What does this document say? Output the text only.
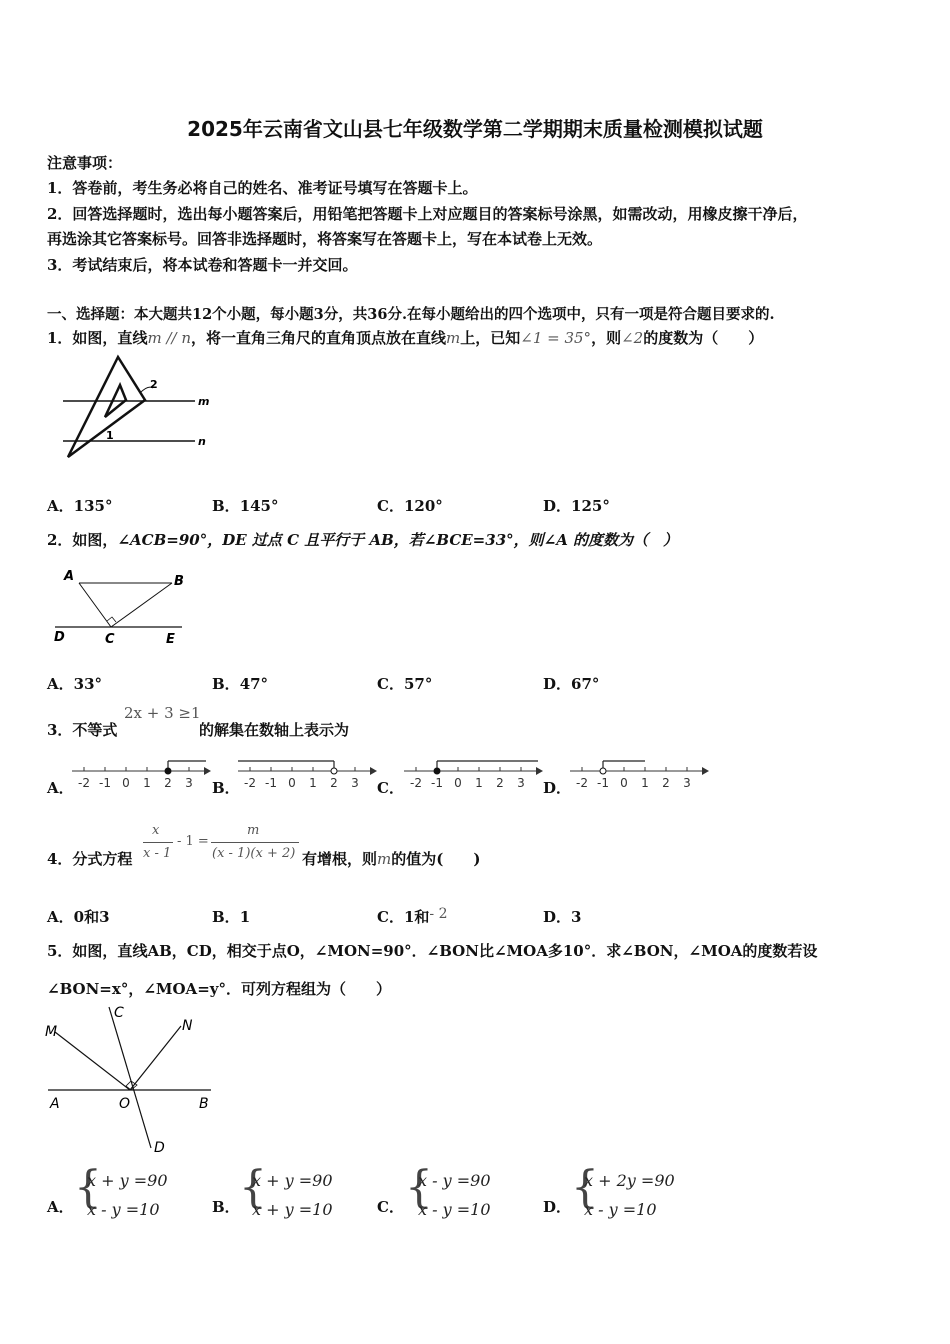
2025年云南省文山县七年级数学第二学期期末质量检测模拟试题
注意事项：
1．答卷前，考生务必将自己的姓名、准考证号填写在答题卡上。
2．回答选择题时，选出每小题答案后，用铅笔把答题卡上对应题目的答案标号涂黑，如需改动，用橡皮擦干净后，
再选涂其它答案标号。回答非选择题时，将答案写在答题卡上，写在本试卷上无效。
3．考试结束后，将本试卷和答题卡一并交回。
一、选择题：本大题共12个小题，每小题3分，共36分.在每小题给出的四个选项中，只有一项是符合题目要求的.
1．如图，直线m // n，将一直角三角尺的直角顶点放在直线m上，已知∠1 = 35°，则∠2的度数为（　　）
2
1
m
n
A．135°	B．145°	C．120°	D．125°
2．如图，∠ACB=90°，DE 过点 C 且平行于 AB，若∠BCE=33°，则∠A 的度数为（　）
A	B
D	C	E
A．33°	B．47°	C．57°	D．67°
3．不等式
2x + 3 ≥1
的解集在数轴上表示为
A．	B．	C．	D．
-2 -1 0 1 2 3	-2 -1 0 1 2 3	-2 -1 0 1 2 3	-2 -1 0 1 2 3
4．分式方程
x
x - 1
- 1 =
m
(x - 1)(x + 2) 有增根，则m的值为(　　)
A．0和3	B．1	C．1和- 2	D．3
5．如图，直线AB，CD，相交于点O，∠MON=90°．∠BON比∠MOA多10°．求∠BON，∠MOA的度数若设
∠BON=x°，∠MOA=y°．可列方程组为（　　）
M
C
N
A	O	B
D
A． {
x + y =90
x - y =10	B． {
x + y =90
x + y =10	C． {
x - y =90
x - y =10	D． {
x + 2y =90
x - y =10
